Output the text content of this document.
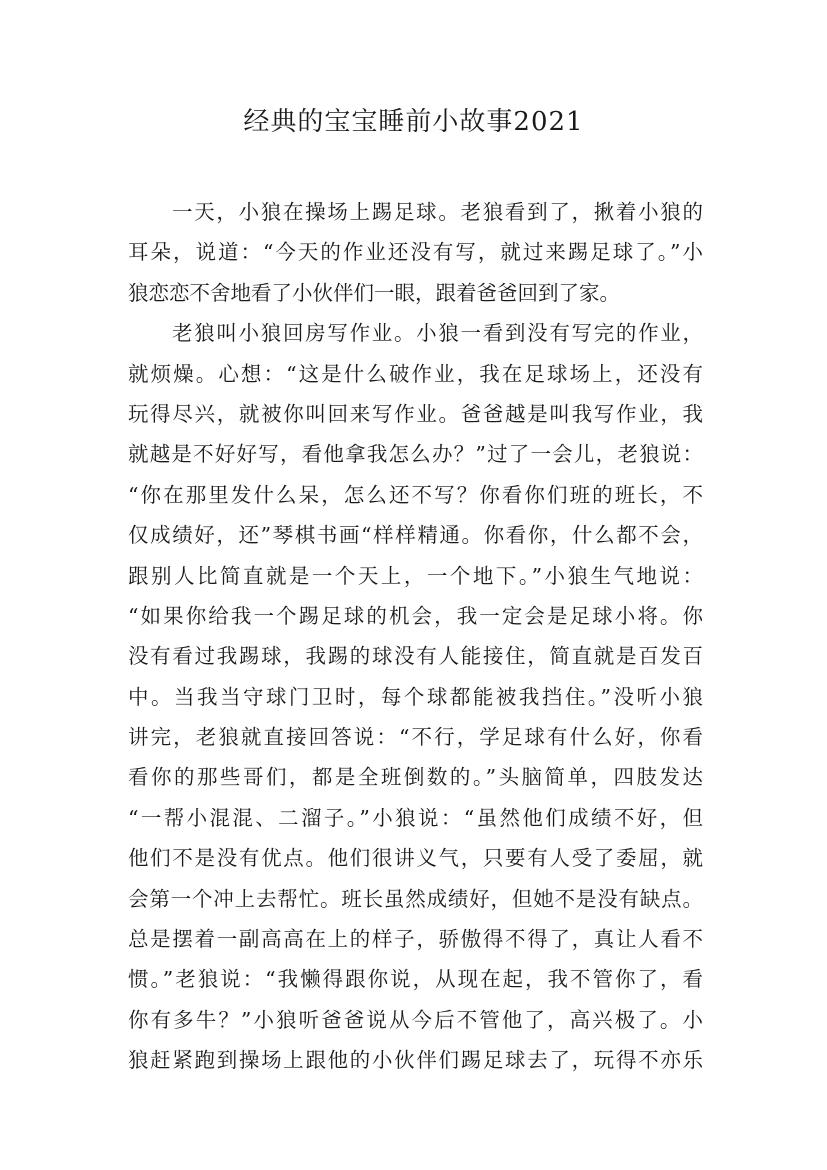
经典的宝宝睡前小故事2021
一天，小狼在操场上踢足球。老狼看到了，揪着小狼的
耳朵，说道：“今天的作业还没有写，就过来踢足球了。”小
狼恋恋不舍地看了小伙伴们一眼，跟着爸爸回到了家。
老狼叫小狼回房写作业。小狼一看到没有写完的作业，
就烦燥。心想：“这是什么破作业，我在足球场上，还没有
玩得尽兴，就被你叫回来写作业。爸爸越是叫我写作业，我
就越是不好好写，看他拿我怎么办？”过了一会儿，老狼说：
“你在那里发什么呆，怎么还不写？你看你们班的班长，不
仅成绩好，还”琴棋书画“样样精通。你看你，什么都不会，
跟别人比简直就是一个天上，一个地下。”小狼生气地说：
“如果你给我一个踢足球的机会，我一定会是足球小将。你
没有看过我踢球，我踢的球没有人能接住，简直就是百发百
中。当我当守球门卫时，每个球都能被我挡住。”没听小狼
讲完，老狼就直接回答说：“不行，学足球有什么好，你看
看你的那些哥们，都是全班倒数的。”头脑简单，四肢发达
“一帮小混混、二溜子。”小狼说：“虽然他们成绩不好，但
他们不是没有优点。他们很讲义气，只要有人受了委屈，就
会第一个冲上去帮忙。班长虽然成绩好，但她不是没有缺点。
总是摆着一副高高在上的样子，骄傲得不得了，真让人看不
惯。”老狼说：“我懒得跟你说，从现在起，我不管你了，看
你有多牛？”小狼听爸爸说从今后不管他了，高兴极了。小
狼赶紧跑到操场上跟他的小伙伴们踢足球去了，玩得不亦乐
